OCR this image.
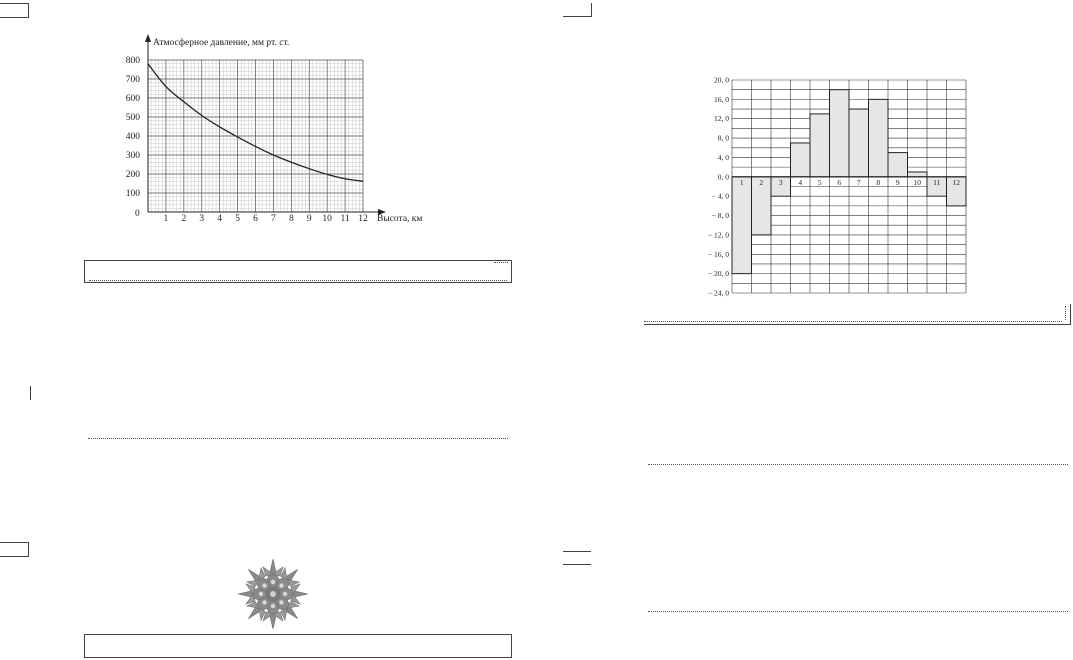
1 2 3 4 5 6 7 8 9 10 11 12
100
200
300
400
500
600
700
800
Атмосферное давление, мм рт. ст.
Высота, км
0
1 2 3 4 5 6 7 8 9 10 11 12
20, 0
16, 0
12, 0
8, 0
4, 0
0, 0
− 4, 0
− 8, 0
− 12, 0
− 16, 0
− 20, 0
− 24, 0
